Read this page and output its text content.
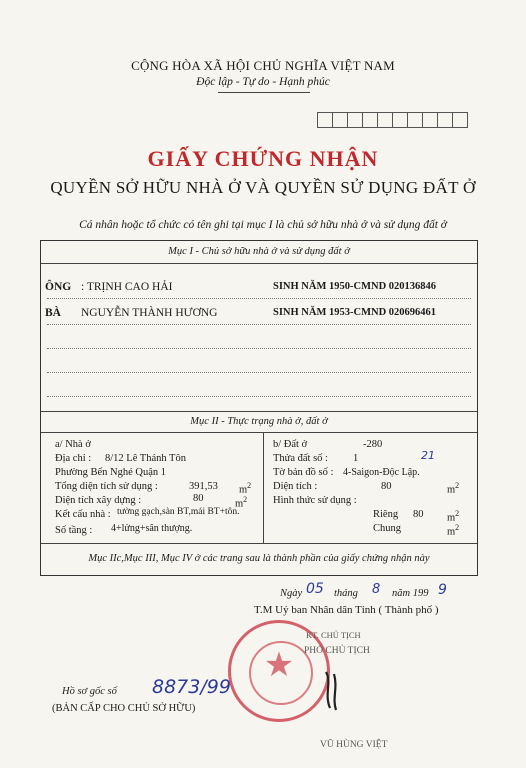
CỘNG HÒA XÃ HỘI CHỦ NGHĨA VIỆT NAM
Độc lập - Tự do - Hạnh phúc
GIẤY CHỨNG NHẬN
QUYỀN SỞ HỮU NHÀ Ở VÀ QUYỀN SỬ DỤNG ĐẤT Ở
Cá nhân hoặc tổ chức có tên ghi tại mục I là chủ sở hữu nhà ở và sử dụng đất ở
Mục I - Chủ sở hữu nhà ở và sử dụng đất ở
ÔNG : TRỊNH CAO HẢI	SINH NĂM 1950-CMND 020136846
BÀ NGUYỄN THÀNH HƯƠNG	SINH NĂM 1953-CMND 020696461
Mục II - Thực trạng nhà ở, đất ở
a/ Nhà ở
Địa chỉ : 8/12 Lê Thánh Tôn
Phường Bến Nghé Quận 1
Tổng diện tích sử dụng :	391,53 $m^2$
Diện tích xây dựng :	80	$m^2$
Kết cấu nhà : tường gạch,sàn BT,mái BT+tôn.
Số tầng : 4+lửng+sân thượng.
b/ Đất ở	-280
Thửa đất số : 1	21
Tờ bản đồ số : 4-Saigon-Độc Lập.
Diện tích :	80	$m^2$
Hình thức sử dụng :
Riêng 80 $m^2$
Chung	$m^2$
Mục IIc,Mục III, Mục IV ở các trang sau là thành phần của giấy chứng nhận này
Ngày 05 tháng 8 năm 199 9
T.M Uỷ ban Nhân dân Tỉnh ( Thành phố )
★
KT. CHỦ TỊCH
PHÓ CHỦ TỊCH
Hồ sơ gốc số 8873/99
(BẢN CẤP CHO CHỦ SỞ HỮU)
VŨ HÙNG VIỆT
